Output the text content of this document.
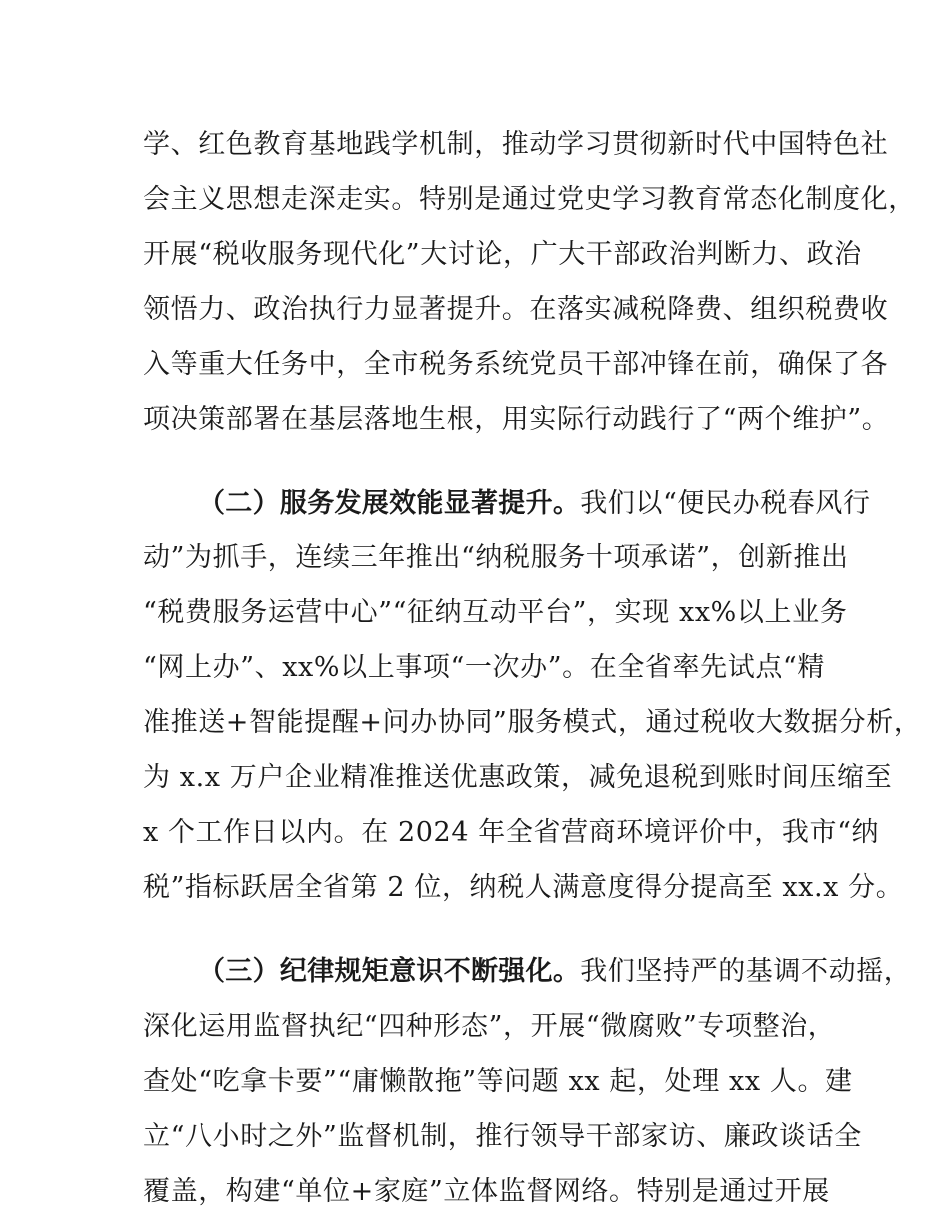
学、红色教育基地践学机制，推动学习贯彻新时代中国特色社
会主义思想走深走实。特别是通过党史学习教育常态化制度化，
开展“税收服务现代化”大讨论，广大干部政治判断力、政治
领悟力、政治执行力显著提升。在落实减税降费、组织税费收
入等重大任务中，全市税务系统党员干部冲锋在前，确保了各
项决策部署在基层落地生根，用实际行动践行了“两个维护”。
（二）服务发展效能显著提升。我们以“便民办税春风行
动”为抓手，连续三年推出“纳税服务十项承诺”，创新推出
“税费服务运营中心”“征纳互动平台”，实现 xx%以上业务
“网上办”、xx%以上事项“一次办”。在全省率先试点“精
准推送+智能提醒+问办协同”服务模式，通过税收大数据分析，
为 x.x 万户企业精准推送优惠政策，减免退税到账时间压缩至
x 个工作日以内。在 2024 年全省营商环境评价中，我市“纳
税”指标跃居全省第 2 位，纳税人满意度得分提高至 xx.x 分。
（三）纪律规矩意识不断强化。我们坚持严的基调不动摇，
深化运用监督执纪“四种形态”，开展“微腐败”专项整治，
查处“吃拿卡要”“庸懒散拖”等问题 xx 起，处理 xx 人。建
立“八小时之外”监督机制，推行领导干部家访、廉政谈话全
覆盖，构建“单位+家庭”立体监督网络。特别是通过开展
